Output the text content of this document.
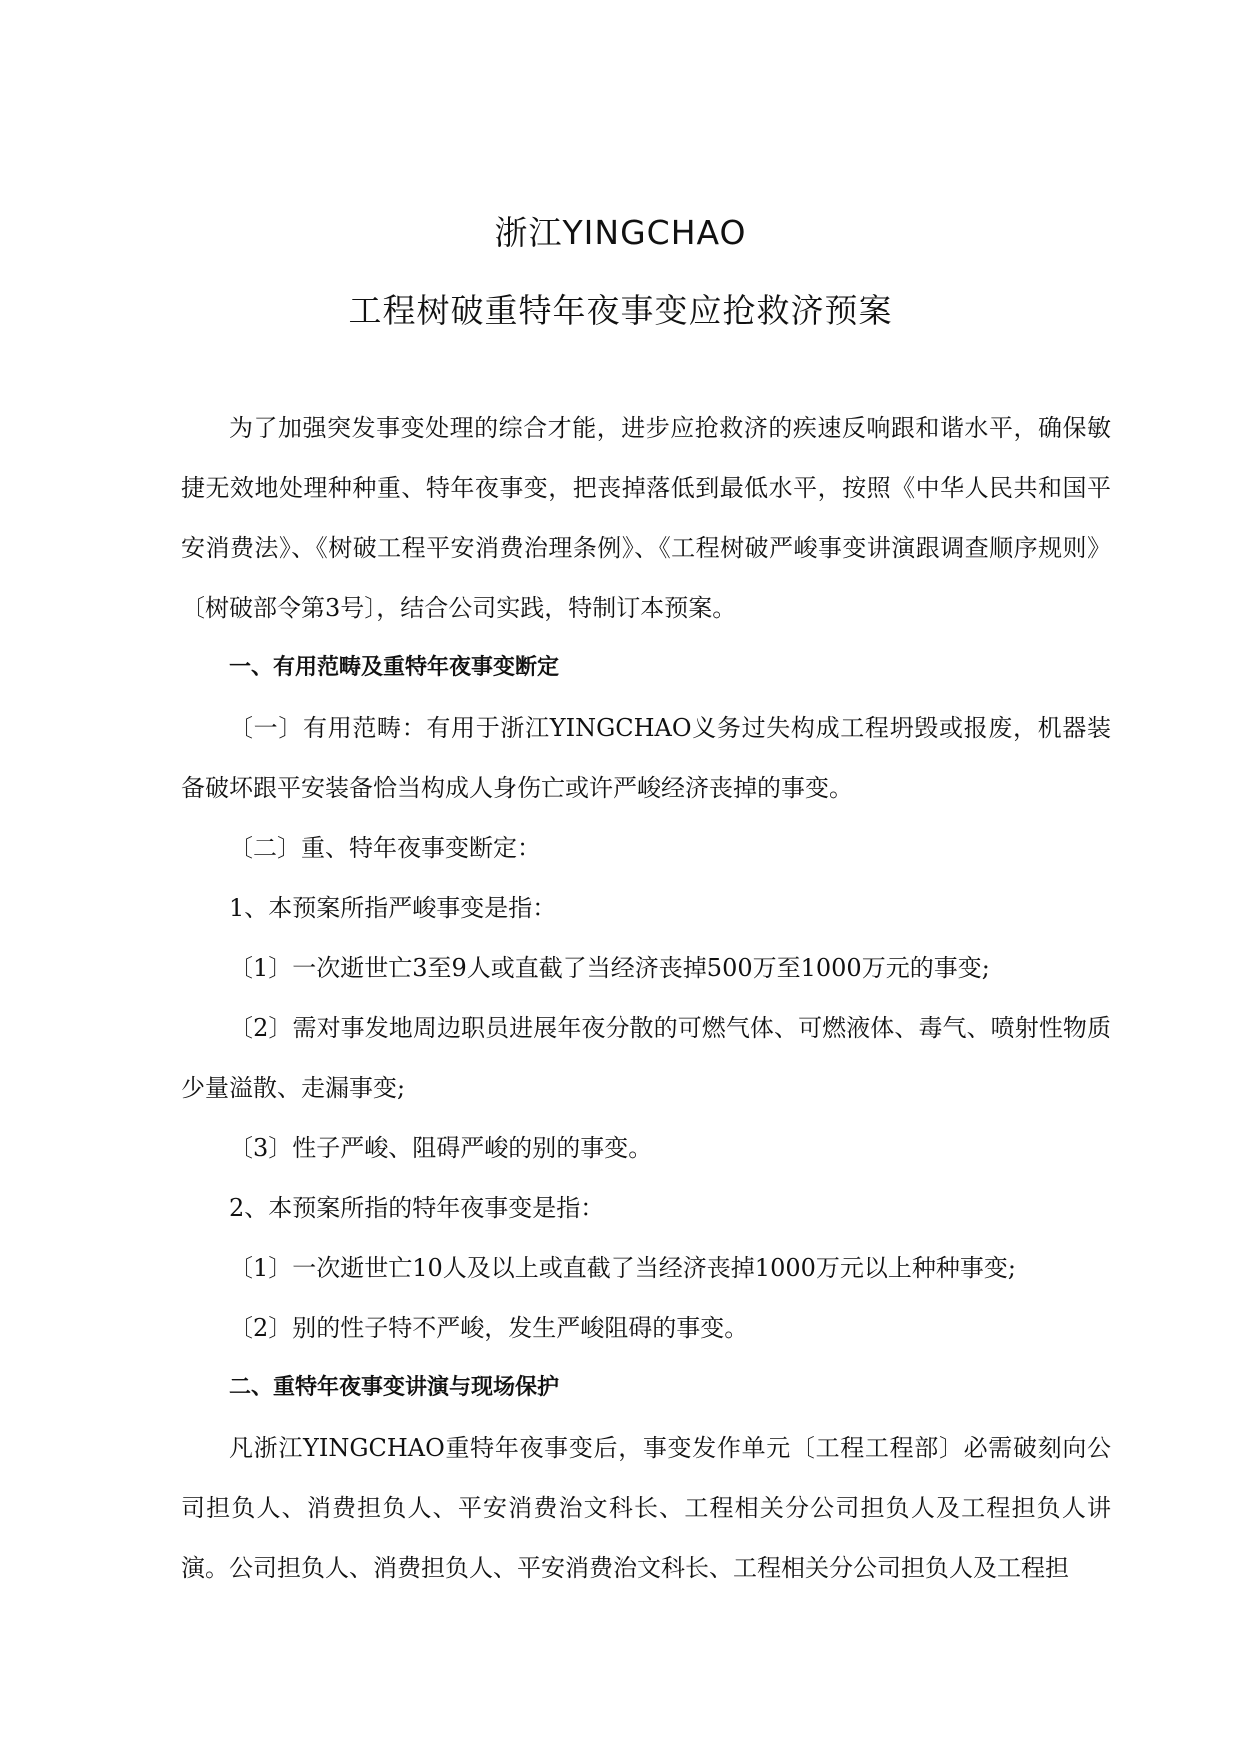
浙江YINGCHAO
工程树破重特年夜事变应抢救济预案

为了加强突发事变处理的综合才能，进步应抢救济的疾速反响跟和谐水平，确保敏捷无效地处理种种重、特年夜事变，把丧掉落低到最低水平，按照《中华人民共和国平安消费法》、《树破工程平安消费治理条例》、《工程树破严峻事变讲演跟调查顺序规则》〔树破部令第3号〕，结合公司实践，特制订本预案。

一、有用范畴及重特年夜事变断定

〔一〕有用范畴：有用于浙江YINGCHAO义务过失构成工程坍毁或报废，机器装备破坏跟平安装备恰当构成人身伤亡或许严峻经济丧掉的事变。

〔二〕重、特年夜事变断定：

1、本预案所指严峻事变是指：

〔1〕一次逝世亡3至9人或直截了当经济丧掉500万至1000万元的事变;

〔2〕需对事发地周边职员进展年夜分散的可燃气体、可燃液体、毒气、喷射性物质少量溢散、走漏事变;

〔3〕性子严峻、阻碍严峻的别的事变。

2、本预案所指的特年夜事变是指：

〔1〕一次逝世亡10人及以上或直截了当经济丧掉1000万元以上种种事变;

〔2〕别的性子特不严峻，发生严峻阻碍的事变。

二、重特年夜事变讲演与现场保护

凡浙江YINGCHAO重特年夜事变后，事变发作单元〔工程工程部〕必需破刻向公司担负人、消费担负人、平安消费治文科长、工程相关分公司担负人及工程担负人讲演。公司担负人、消费担负人、平安消费治文科长、工程相关分公司担负人及工程担
